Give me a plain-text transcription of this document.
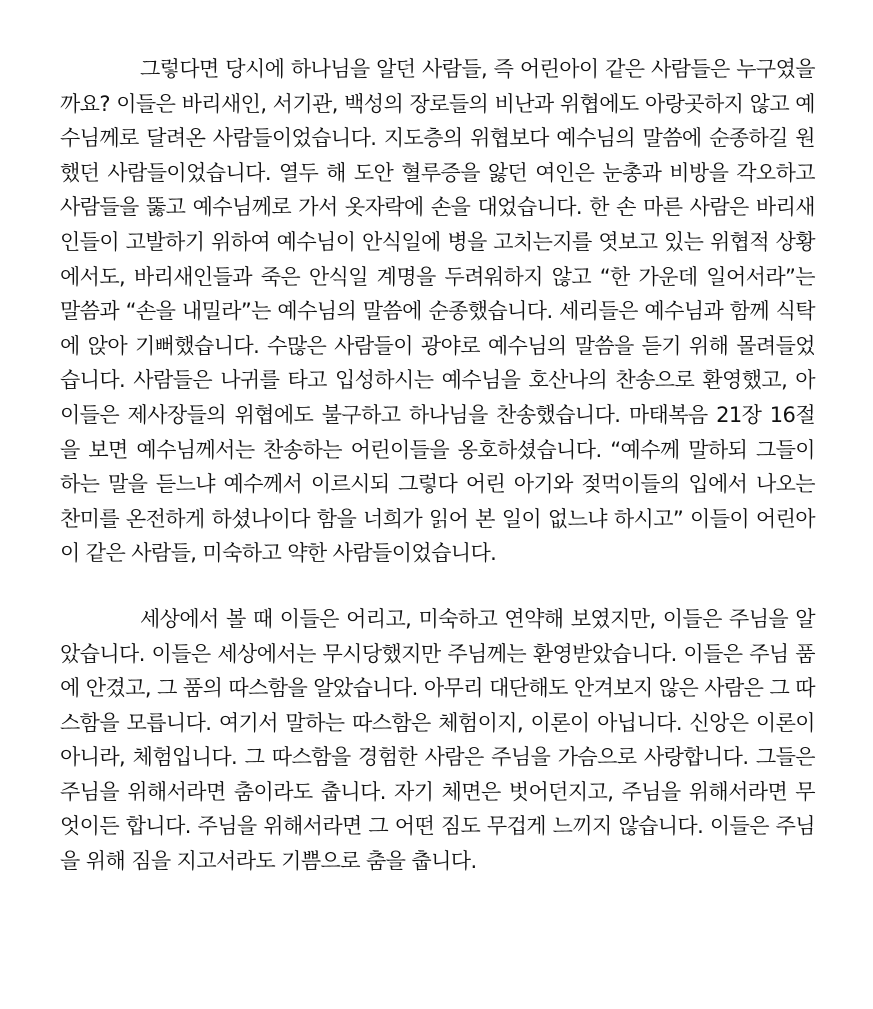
그렇다면 당시에 하나님을 알던 사람들, 즉 어린아이 같은 사람들은 누구였을까요? 이들은 바리새인, 서기관, 백성의 장로들의 비난과 위협에도 아랑곳하지 않고 예수님께로 달려온 사람들이었습니다. 지도층의 위협보다 예수님의 말씀에 순종하길 원했던 사람들이었습니다. 열두 해 도안 혈루증을 앓던 여인은 눈총과 비방을 각오하고 사람들을 뚫고 예수님께로 가서 옷자락에 손을 대었습니다. 한 손 마른 사람은 바리새인들이 고발하기 위하여 예수님이 안식일에 병을 고치는지를 엿보고 있는 위협적 상황에서도, 바리새인들과 죽은 안식일 계명을 두려워하지 않고 “한 가운데 일어서라”는 말씀과 “손을 내밀라”는 예수님의 말씀에 순종했습니다. 세리들은 예수님과 함께 식탁에 앉아 기뻐했습니다. 수많은 사람들이 광야로 예수님의 말씀을 듣기 위해 몰려들었습니다. 사람들은 나귀를 타고 입성하시는 예수님을 호산나의 찬송으로 환영했고, 아이들은 제사장들의 위협에도 불구하고 하나님을 찬송했습니다. 마태복음 21장 16절을 보면 예수님께서는 찬송하는 어린이들을 옹호하셨습니다. “예수께 말하되 그들이 하는 말을 듣느냐 예수께서 이르시되 그렇다 어린 아기와 젖먹이들의 입에서 나오는 찬미를 온전하게 하셨나이다 함을 너희가 읽어 본 일이 없느냐 하시고” 이들이 어린아이 같은 사람들, 미숙하고 약한 사람들이었습니다.

세상에서 볼 때 이들은 어리고, 미숙하고 연약해 보였지만, 이들은 주님을 알았습니다. 이들은 세상에서는 무시당했지만 주님께는 환영받았습니다. 이들은 주님 품에 안겼고, 그 품의 따스함을 알았습니다. 아무리 대단해도 안겨보지 않은 사람은 그 따스함을 모릅니다. 여기서 말하는 따스함은 체험이지, 이론이 아닙니다. 신앙은 이론이 아니라, 체험입니다. 그 따스함을 경험한 사람은 주님을 가슴으로 사랑합니다. 그들은 주님을 위해서라면 춤이라도 춥니다. 자기 체면은 벗어던지고, 주님을 위해서라면 무엇이든 합니다. 주님을 위해서라면 그 어떤 짐도 무겁게 느끼지 않습니다. 이들은 주님을 위해 짐을 지고서라도 기쁨으로 춤을 춥니다.
